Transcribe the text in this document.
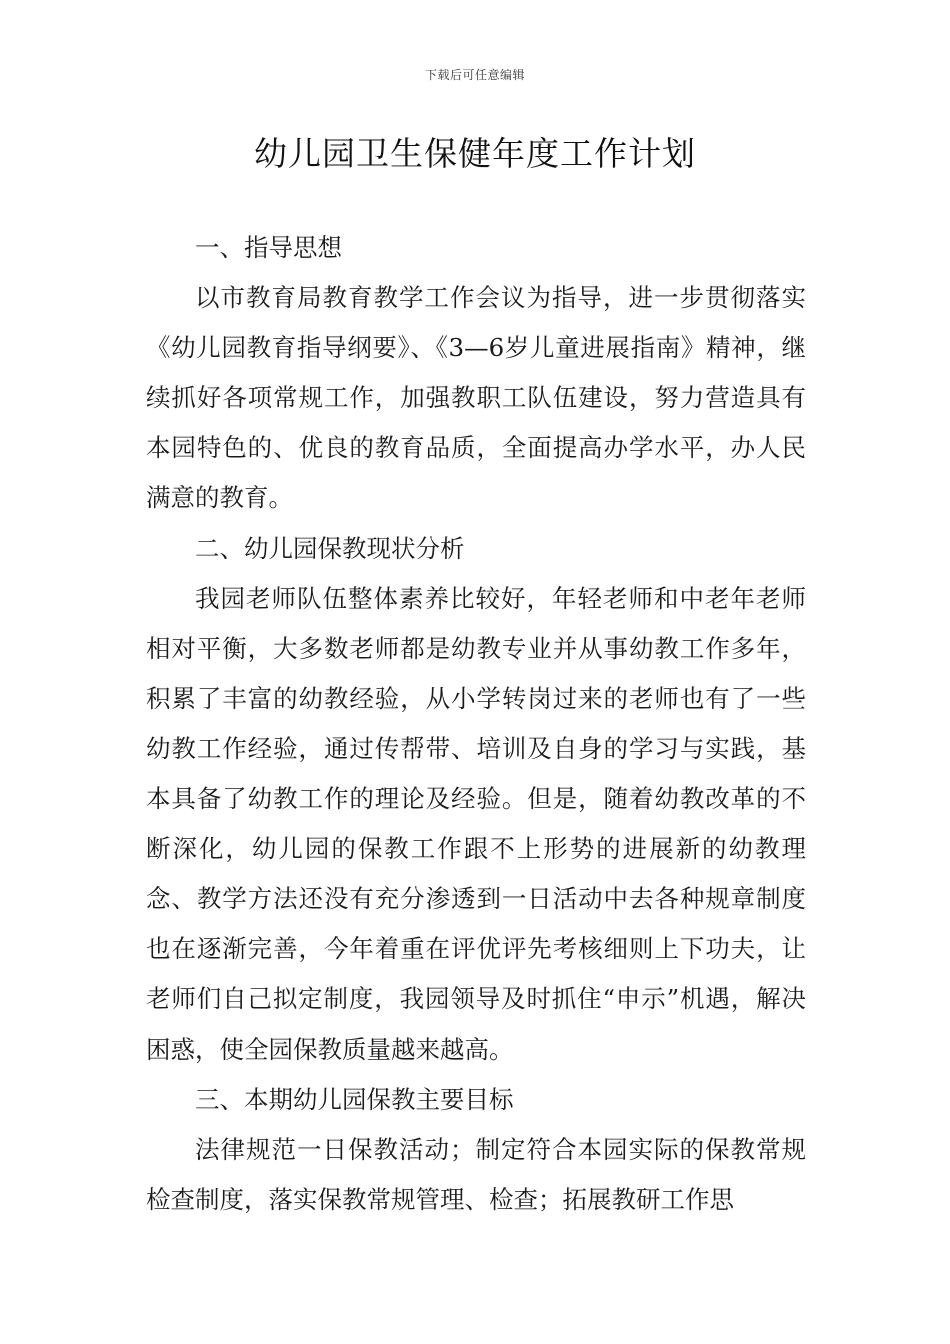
下载后可任意编辑
幼儿园卫生保健年度工作计划

一、指导思想

以市教育局教育教学工作会议为指导，进一步贯彻落实《幼儿园教育指导纲要》、《3—6岁儿童进展指南》精神，继续抓好各项常规工作，加强教职工队伍建设，努力营造具有本园特色的、优良的教育品质，全面提高办学水平，办人民满意的教育。

二、幼儿园保教现状分析

我园老师队伍整体素养比较好，年轻老师和中老年老师相对平衡，大多数老师都是幼教专业并从事幼教工作多年，积累了丰富的幼教经验，从小学转岗过来的老师也有了一些幼教工作经验，通过传帮带、培训及自身的学习与实践，基本具备了幼教工作的理论及经验。但是，随着幼教改革的不断深化，幼儿园的保教工作跟不上形势的进展新的幼教理念、教学方法还没有充分渗透到一日活动中去各种规章制度也在逐渐完善，今年着重在评优评先考核细则上下功夫，让老师们自己拟定制度，我园领导及时抓住“申示”机遇，解决困惑，使全园保教质量越来越高。

三、本期幼儿园保教主要目标

法律规范一日保教活动；制定符合本园实际的保教常规检查制度，落实保教常规管理、检查；拓展教研工作思
